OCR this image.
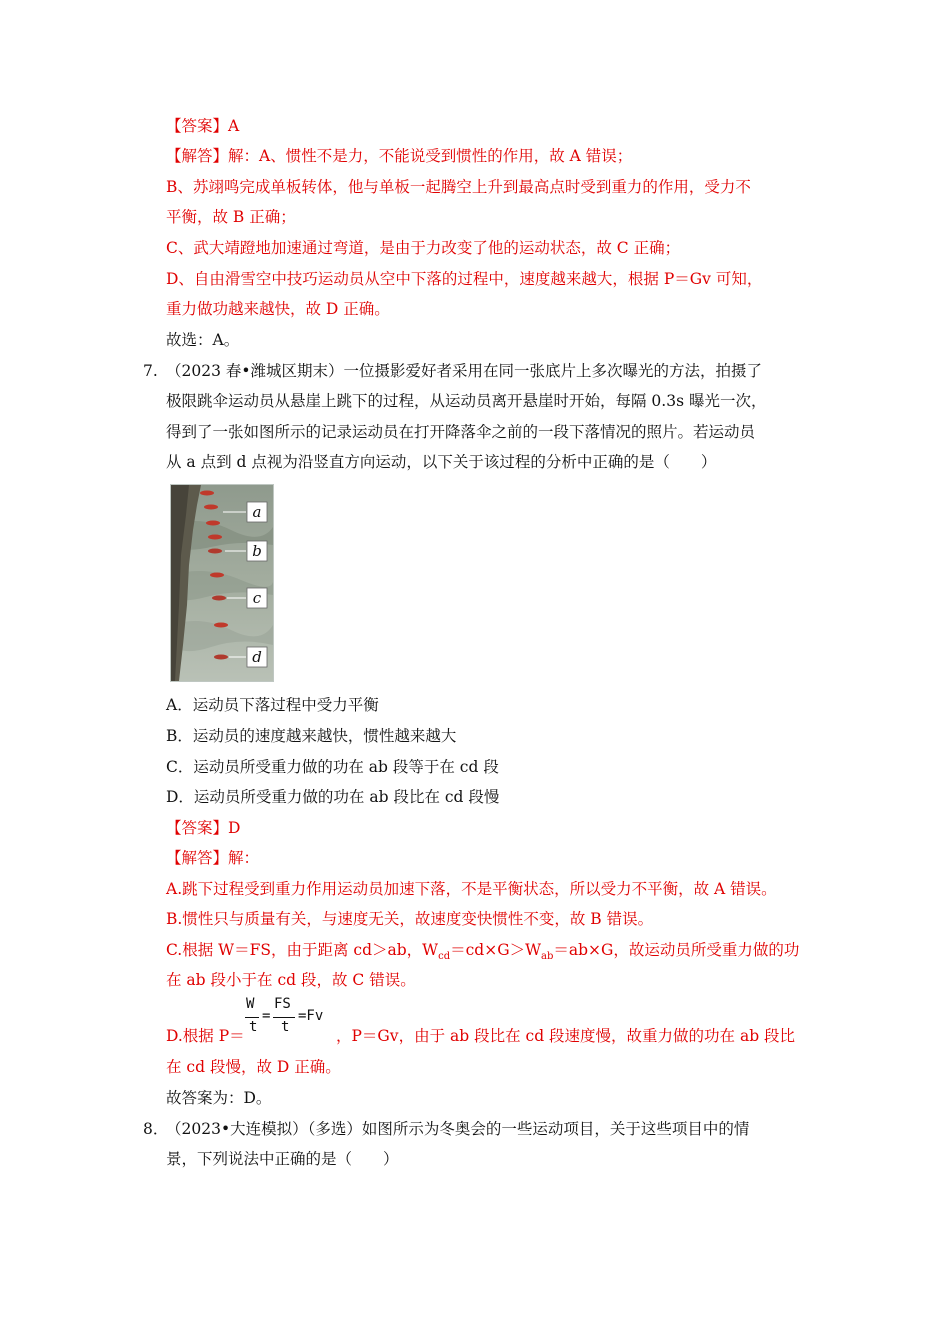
【答案】A
【解答】解：A、惯性不是力，不能说受到惯性的作用，故 A 错误；
B、苏翊鸣完成单板转体，他与单板一起腾空上升到最高点时受到重力的作用，受力不
平衡，故 B 正确；
C、武大靖蹬地加速通过弯道，是由于力改变了他的运动状态，故 C 正确；
D、自由滑雪空中技巧运动员从空中下落的过程中，速度越来越大，根据 P＝Gv 可知，
重力做功越来越快，故 D 正确。
故选：A。
7. （2023 春•潍城区期末）一位摄影爱好者采用在同一张底片上多次曝光的方法，拍摄了
极限跳伞运动员从悬崖上跳下的过程，从运动员离开悬崖时开始，每隔 0.3s 曝光一次，
得到了一张如图所示的记录运动员在打开降落伞之前的一段下落情况的照片。若运动员
从 a 点到 d 点视为沿竖直方向运动，以下关于该过程的分析中正确的是（　　）
a
b
c
d
A．运动员下落过程中受力平衡
B．运动员的速度越来越快，惯性越来越大
C．运动员所受重力做的功在 ab 段等于在 cd 段
D．运动员所受重力做的功在 ab 段比在 cd 段慢
【答案】D
【解答】解：
A.跳下过程受到重力作用运动员加速下落，不是平衡状态，所以受力不平衡，故 A 错误。
B.惯性只与质量有关，与速度无关，故速度变快惯性不变，故 B 错误。
C.根据 W＝FS，由于距离 cd＞ab，$W_{cd}=cd\times G>W_{ab}=ab\times G$，故运动员所受重力做的功
在 ab 段小于在 cd 段，故 C 错误。
W
t
=
FS
t
=Fv
D.根据 P＝	，P＝Gv，由于 ab 段比在 cd 段速度慢，故重力做的功在 ab 段比
在 cd 段慢，故 D 正确。
故答案为：D。
8．
（2023•大连模拟）（多选）如图所示为冬奥会的一些运动项目，关于这些项目中的情
景，下列说法中正确的是（　　）
